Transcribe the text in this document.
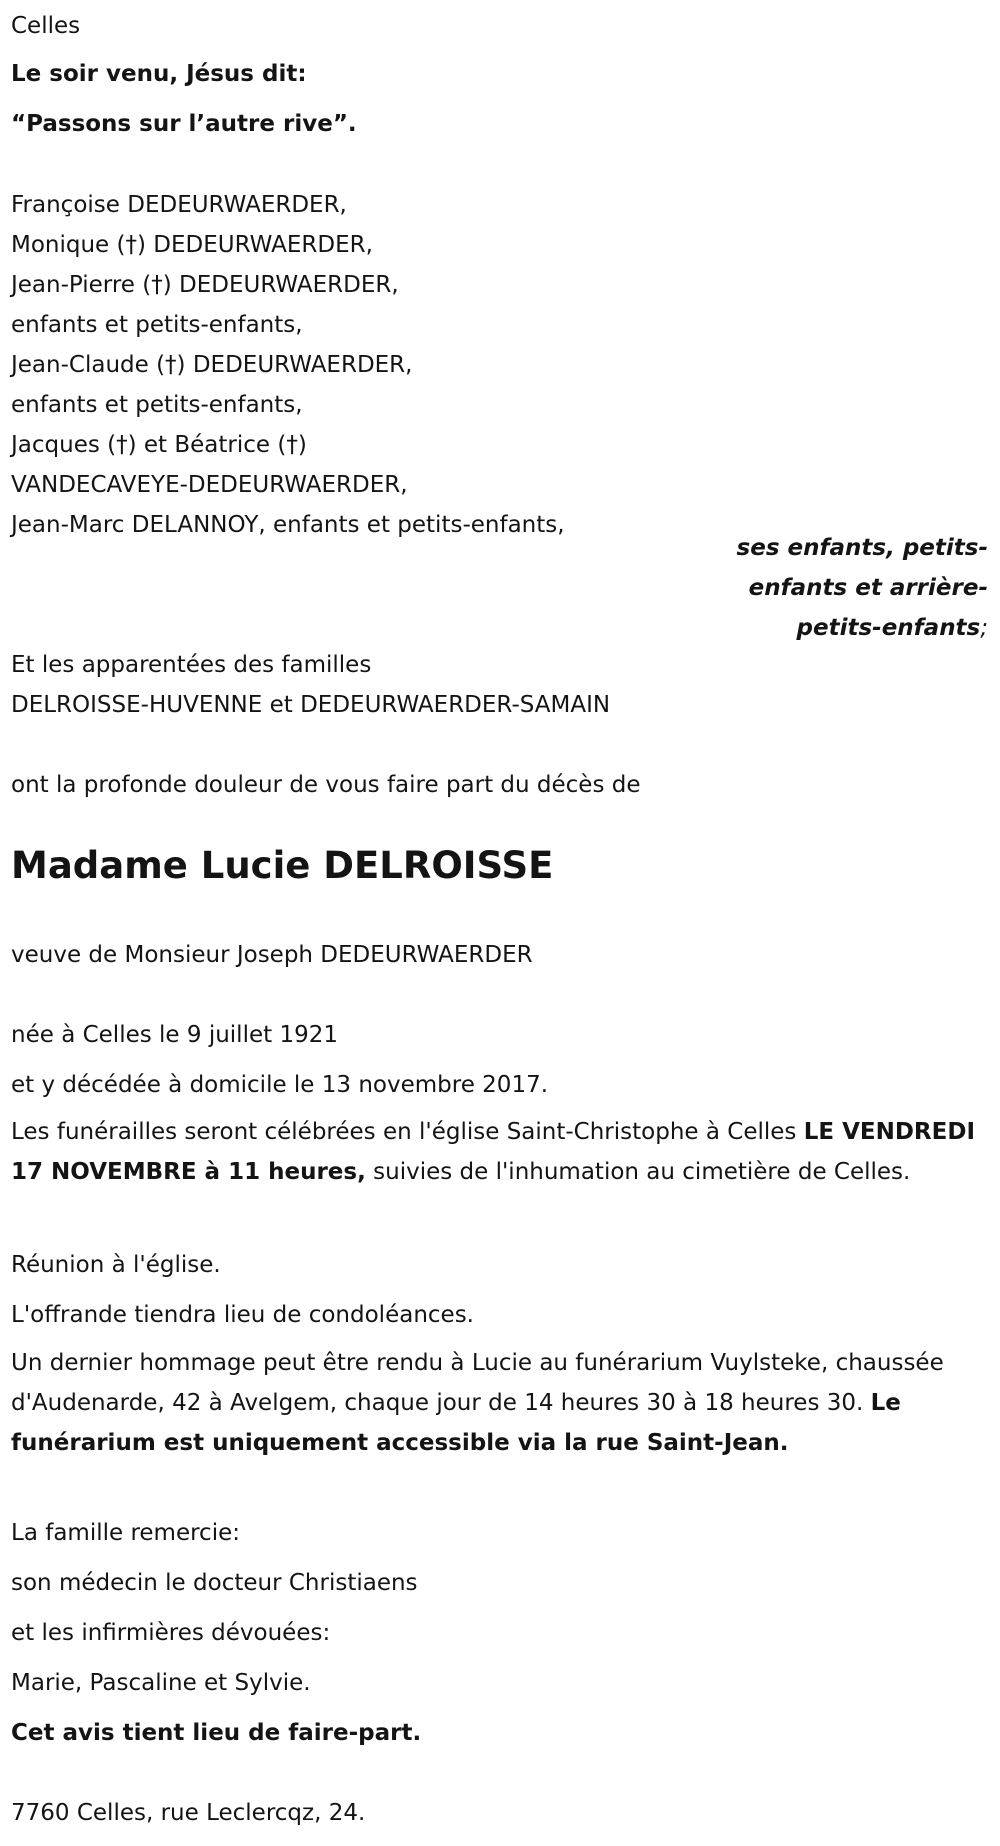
Celles
Le soir venu, Jésus dit:
“Passons sur l’autre rive”.
Françoise DEDEURWAERDER,
Monique (†) DEDEURWAERDER,
Jean-Pierre (†) DEDEURWAERDER,
enfants et petits-enfants,
Jean-Claude (†) DEDEURWAERDER,
enfants et petits-enfants,
Jacques (†) et Béatrice (†)
VANDECAVEYE-DEDEURWAERDER,
Jean-Marc DELANNOY, enfants et petits-enfants,
ses enfants, petits-
enfants et arrière-
petits-enfants;
Et les apparentées des familles
DELROISSE-HUVENNE et DEDEURWAERDER-SAMAIN
ont la profonde douleur de vous faire part du décès de
Madame Lucie DELROISSE
veuve de Monsieur Joseph DEDEURWAERDER
née à Celles le 9 juillet 1921
et y décédée à domicile le 13 novembre 2017.
Les funérailles seront célébrées en l'église Saint-Christophe à Celles LE VENDREDI 17 NOVEMBRE à 11 heures, suivies de l'inhumation au cimetière de Celles.
Réunion à l'église.
L'offrande tiendra lieu de condoléances.
Un dernier hommage peut être rendu à Lucie au funérarium Vuylsteke, chaussée d'Audenarde, 42 à Avelgem, chaque jour de 14 heures 30 à 18 heures 30. Le funérarium est uniquement accessible via la rue Saint-Jean.
La famille remercie:
son médecin le docteur Christiaens
et les infirmières dévouées:
Marie, Pascaline et Sylvie.
Cet avis tient lieu de faire-part.
7760 Celles, rue Leclercqz, 24.
